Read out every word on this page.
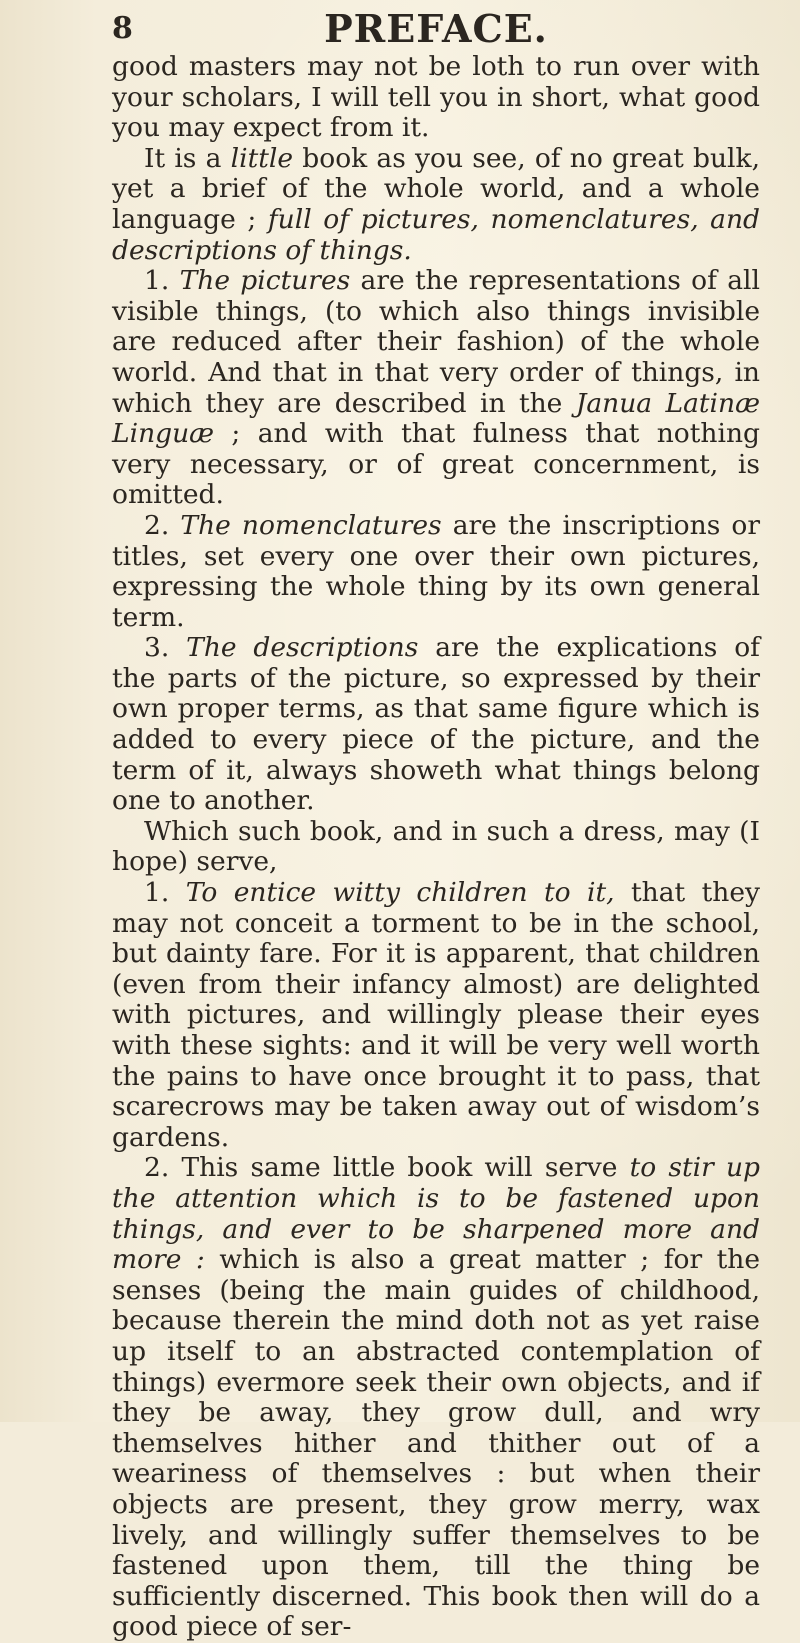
8	PREFACE.

good masters may not be loth to run over with your scholars, I will tell you in short, what good you may expect from it.

It is a little book as you see, of no great bulk, yet a brief of the whole world, and a whole language ; full of pictures, nomenclatures, and descriptions of things.

1. The pictures are the representations of all visible things, (to which also things invisible are reduced after their fashion) of the whole world. And that in that very order of things, in which they are described in the Janua Latinæ Linguæ ; and with that fulness that nothing very necessary, or of great concernment, is omitted.

2. The nomenclatures are the inscriptions or titles, set every one over their own pictures, expressing the whole thing by its own general term.

3. The descriptions are the explications of the parts of the picture, so expressed by their own proper terms, as that same figure which is added to every piece of the picture, and the term of it, always showeth what things belong one to another.

Which such book, and in such a dress, may (I hope) serve,

1. To entice witty children to it, that they may not conceit a torment to be in the school, but dainty fare. For it is apparent, that children (even from their infancy almost) are delighted with pictures, and willingly please their eyes with these sights: and it will be very well worth the pains to have once brought it to pass, that scarecrows may be taken away out of wisdom’s gardens.

2. This same little book will serve to stir up the attention which is to be fastened upon things, and ever to be sharpened more and more : which is also a great matter ; for the senses (being the main guides of childhood, because therein the mind doth not as yet raise up itself to an abstracted contemplation of things) evermore seek their own objects, and if they be away, they grow dull, and wry themselves hither and thither out of a weariness of themselves : but when their objects are present, they grow merry, wax lively, and willingly suffer themselves to be fastened upon them, till the thing be sufficiently discerned. This book then will do a good piece of ser-
